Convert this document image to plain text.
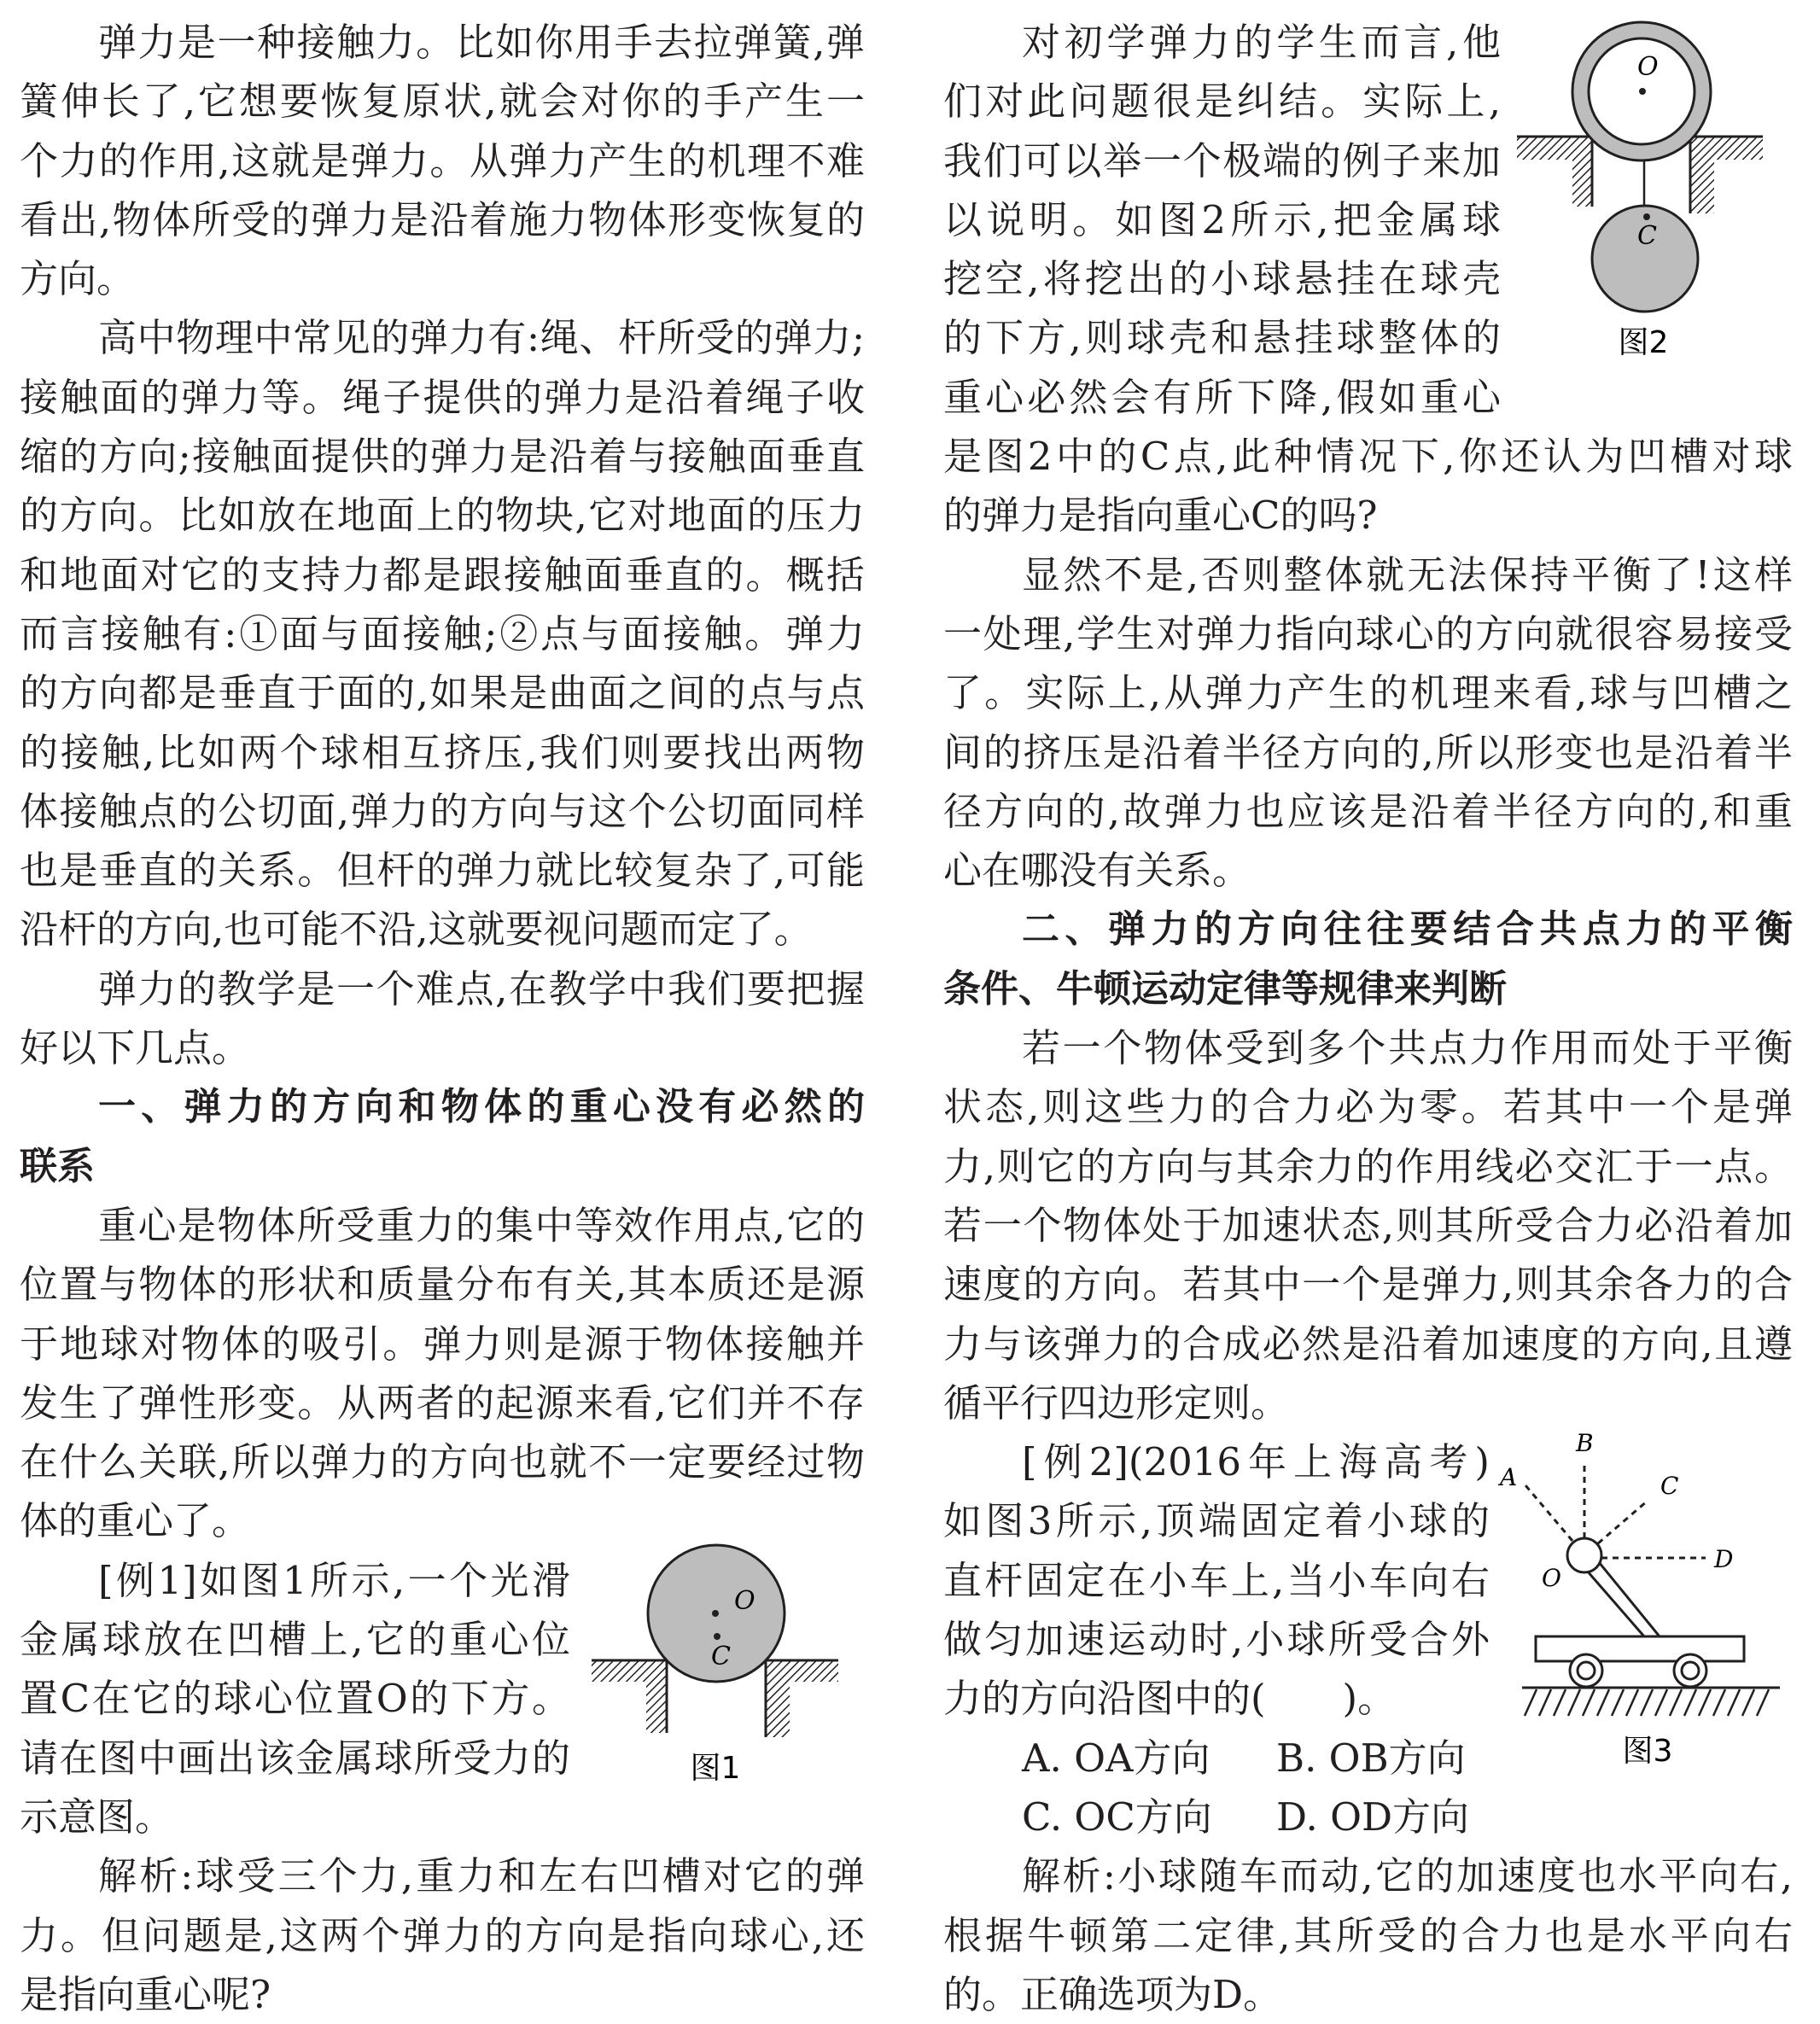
弹力是一种接触力。比如你用手去拉弹簧,弹
簧伸长了,它想要恢复原状,就会对你的手产生一
个力的作用,这就是弹力。从弹力产生的机理不难
看出,物体所受的弹力是沿着施力物体形变恢复的
方向。
高中物理中常见的弹力有:绳、杆所受的弹力;
接触面的弹力等。绳子提供的弹力是沿着绳子收
缩的方向;接触面提供的弹力是沿着与接触面垂直
的方向。比如放在地面上的物块,它对地面的压力
和地面对它的支持力都是跟接触面垂直的。概括
而言接触有:①面与面接触;②点与面接触。弹力
的方向都是垂直于面的,如果是曲面之间的点与点
的接触,比如两个球相互挤压,我们则要找出两物
体接触点的公切面,弹力的方向与这个公切面同样
也是垂直的关系。但杆的弹力就比较复杂了,可能
沿杆的方向,也可能不沿,这就要视问题而定了。
弹力的教学是一个难点,在教学中我们要把握
好以下几点。
一、弹力的方向和物体的重心没有必然的
联系
重心是物体所受重力的集中等效作用点,它的
位置与物体的形状和质量分布有关,其本质还是源
于地球对物体的吸引。弹力则是源于物体接触并
发生了弹性形变。从两者的起源来看,它们并不存
在什么关联,所以弹力的方向也就不一定要经过物
体的重心了。
[例1]如图1所示,一个光滑
金属球放在凹槽上,它的重心位
置C在它的球心位置O的下方。
请在图中画出该金属球所受力的
示意图。
解析:球受三个力,重力和左右凹槽对它的弹
力。但问题是,这两个弹力的方向是指向球心,还
是指向重心呢?
对初学弹力的学生而言,他
们对此问题很是纠结。实际上,
我们可以举一个极端的例子来加
以说明。如图2所示,把金属球
挖空,将挖出的小球悬挂在球壳
的下方,则球壳和悬挂球整体的
重心必然会有所下降,假如重心
是图2中的C点,此种情况下,你还认为凹槽对球
的弹力是指向重心C的吗?
显然不是,否则整体就无法保持平衡了!这样
一处理,学生对弹力指向球心的方向就很容易接受
了。实际上,从弹力产生的机理来看,球与凹槽之
间的挤压是沿着半径方向的,所以形变也是沿着半
径方向的,故弹力也应该是沿着半径方向的,和重
心在哪没有关系。
二、弹力的方向往往要结合共点力的平衡
条件、牛顿运动定律等规律来判断
若一个物体受到多个共点力作用而处于平衡
状态,则这些力的合力必为零。若其中一个是弹
力,则它的方向与其余力的作用线必交汇于一点。
若一个物体处于加速状态,则其所受合力必沿着加
速度的方向。若其中一个是弹力,则其余各力的合
力与该弹力的合成必然是沿着加速度的方向,且遵
循平行四边形定则。
[例2](2016年上海高考)
如图3所示,顶端固定着小球的
直杆固定在小车上,当小车向右
做匀加速运动时,小球所受合外
力的方向沿图中的(　　)。
A. OA方向 B. OB方向
C. OC方向 D. OD方向
解析:小球随车而动,它的加速度也水平向右,
根据牛顿第二定律,其所受的合力也是水平向右
的。正确选项为D。
O
C
图1
O
C
图2
A
B
C
D
O
图3
